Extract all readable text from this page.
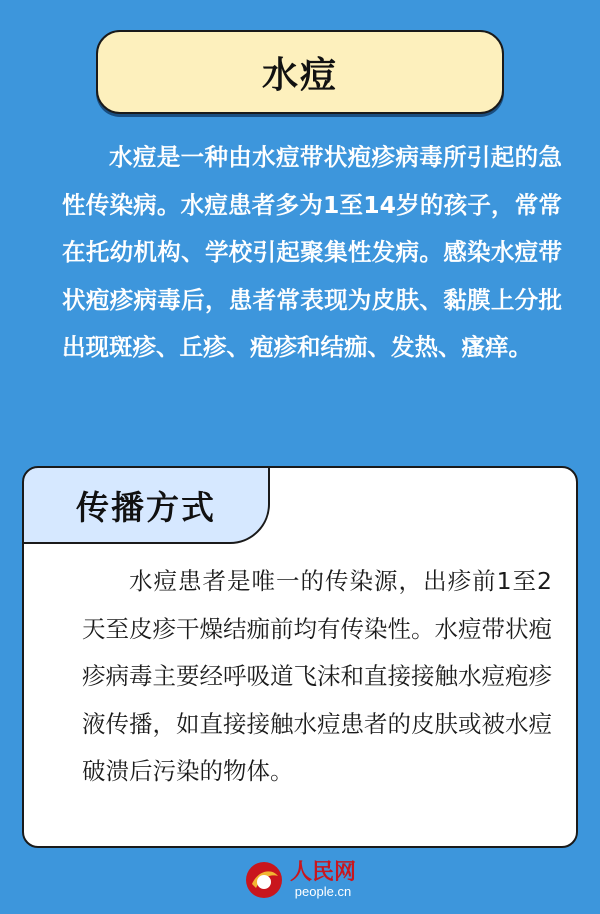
水痘

水痘是一种由水痘带状疱疹病毒所引起的急性传染病。水痘患者多为1至14岁的孩子，常常在托幼机构、学校引起聚集性发病。感染水痘带状疱疹病毒后，患者常表现为皮肤、黏膜上分批出现斑疹、丘疹、疱疹和结痂、发热、瘙痒。

传播方式

水痘患者是唯一的传染源，出疹前1至2天至皮疹干燥结痂前均有传染性。水痘带状疱疹病毒主要经呼吸道飞沫和直接接触水痘疱疹液传播，如直接接触水痘患者的皮肤或被水痘破溃后污染的物体。

人民网
people.cn
